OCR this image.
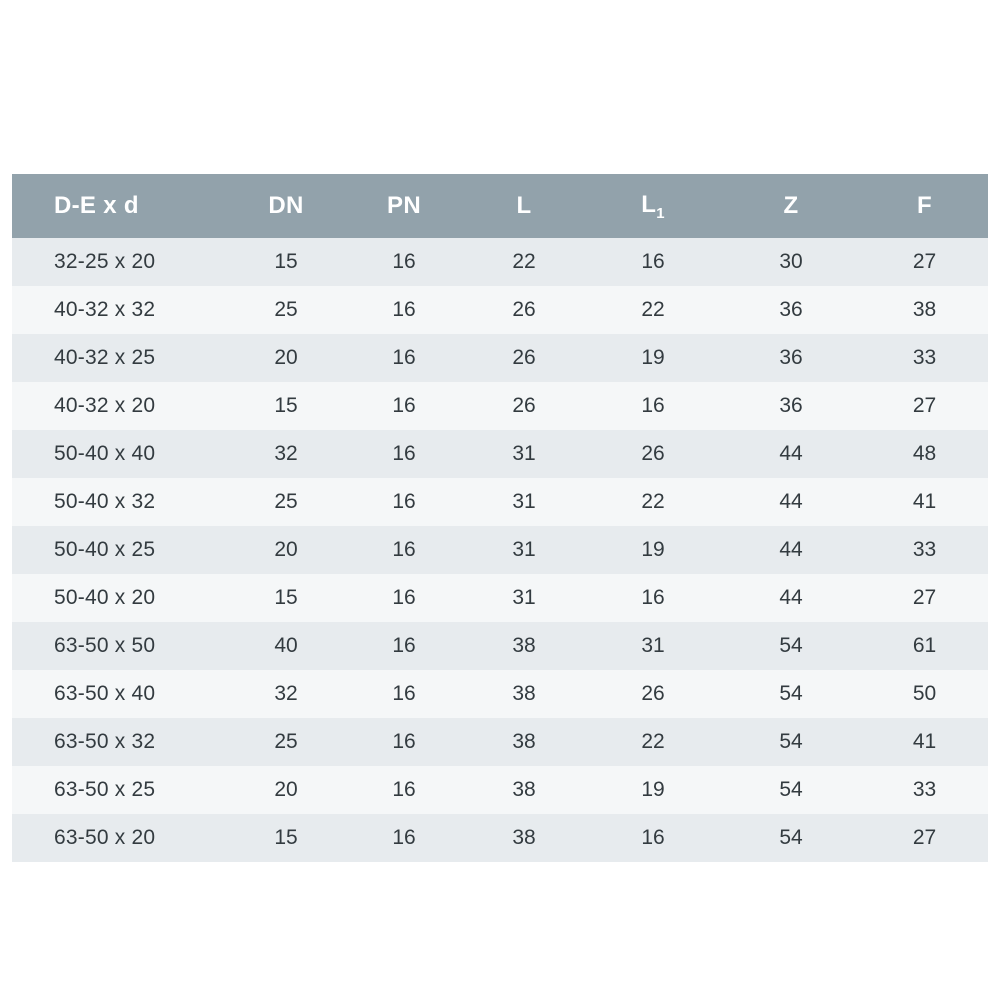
D-E x d	DN	PN	L	$L_1$	Z	F
32-25 x 20	15	16	22	16	30	27
40-32 x 32	25	16	26	22	36	38
40-32 x 25	20	16	26	19	36	33
40-32 x 20	15	16	26	16	36	27
50-40 x 40	32	16	31	26	44	48
50-40 x 32	25	16	31	22	44	41
50-40 x 25	20	16	31	19	44	33
50-40 x 20	15	16	31	16	44	27
63-50 x 50	40	16	38	31	54	61
63-50 x 40	32	16	38	26	54	50
63-50 x 32	25	16	38	22	54	41
63-50 x 25	20	16	38	19	54	33
63-50 x 20	15	16	38	16	54	27
